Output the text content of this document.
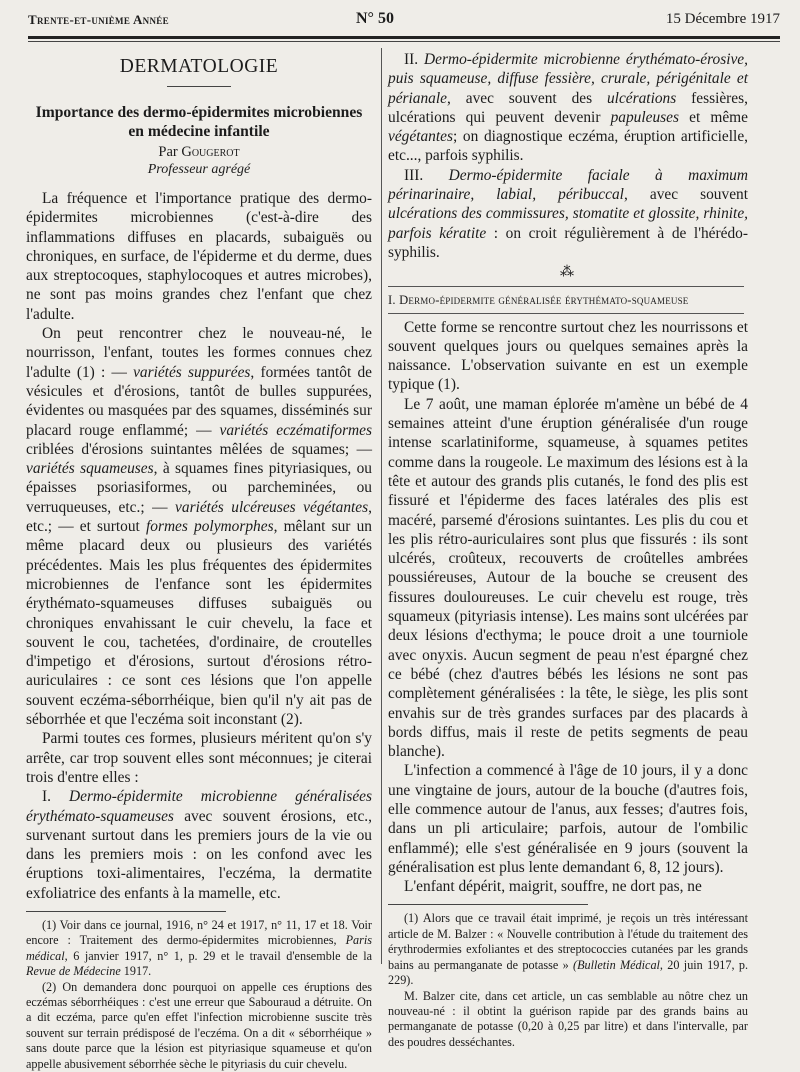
Trente-et-unième Année	N° 50	15 Décembre 1917
DERMATOLOGIE
Importance des dermo-épidermites microbiennes en médecine infantile
Par Gougerot
Professeur agrégé

La fréquence et l'importance pratique des dermo-épidermites microbiennes (c'est-à-dire des inflammations diffuses en placards, subaiguës ou chroniques, en surface, de l'épiderme et du derme, dues aux streptocoques, staphylocoques et autres microbes), ne sont pas moins grandes chez l'enfant que chez l'adulte.

On peut rencontrer chez le nouveau-né, le nourrisson, l'enfant, toutes les formes connues chez l'adulte (1) : — variétés suppurées, formées tantôt de vésicules et d'érosions, tantôt de bulles suppurées, évidentes ou masquées par des squames, disséminés sur placard rouge enflammé; — variétés eczématiformes criblées d'érosions suintantes mêlées de squames; — variétés squameuses, à squames fines pityriasiques, ou épaisses psoriasiformes, ou parcheminées, ou verruqueuses, etc.; — variétés ulcéreuses végétantes, etc.; — et surtout formes polymorphes, mêlant sur un même placard deux ou plusieurs des variétés précédentes. Mais les plus fréquentes des épidermites microbiennes de l'enfance sont les épidermites érythémato-squameuses diffuses subaiguës ou chroniques envahissant le cuir chevelu, la face et souvent le cou, tachetées, d'ordinaire, de croutelles d'impetigo et d'érosions, surtout d'érosions rétro-auriculaires : ce sont ces lésions que l'on appelle souvent eczéma-séborrhéique, bien qu'il n'y ait pas de séborrhée et que l'eczéma soit inconstant (2).

Parmi toutes ces formes, plusieurs méritent qu'on s'y arrête, car trop souvent elles sont méconnues; je citerai trois d'entre elles :

I. Dermo-épidermite microbienne généralisées érythémato-squameuses avec souvent érosions, etc., survenant surtout dans les premiers jours de la vie ou dans les premiers mois : on les confond avec les éruptions toxi-alimentaires, l'eczéma, la dermatite exfoliatrice des enfants à la mamelle, etc.

(1) Voir dans ce journal, 1916, n° 24 et 1917, n° 11, 17 et 18. Voir encore : Traitement des dermo-épidermites microbiennes, Paris médical, 6 janvier 1917, n° 1, p. 29 et le travail d'ensemble de la Revue de Médecine 1917.

(2) On demandera donc pourquoi on appelle ces éruptions des eczémas séborrhéiques : c'est une erreur que Sabouraud a détruite. On a dit eczéma, parce qu'en effet l'infection microbienne suscite très souvent sur terrain prédisposé de l'eczéma. On a dit « séborrhéique » sans doute parce que la lésion est pityriasique squameuse et qu'on appelle abusivement séborrhée sèche le pityriasis du cuir chevelu.

II. Dermo-épidermite microbienne érythémato-érosive, puis squameuse, diffuse fessière, crurale, périgénitale et périanale, avec souvent des ulcérations fessières, ulcérations qui peuvent devenir papuleuses et même végétantes; on diagnostique eczéma, éruption artificielle, etc..., parfois syphilis.

III. Dermo-épidermite faciale à maximum périnarinaire, labial, péribuccal, avec souvent ulcérations des commissures, stomatite et glossite, rhinite, parfois kératite : on croit régulièrement à de l'hérédo-syphilis.

⁂

I. Dermo-épidermite généralisée érythémato-squameuse

Cette forme se rencontre surtout chez les nourrissons et souvent quelques jours ou quelques semaines après la naissance. L'observation suivante en est un exemple typique (1).

Le 7 août, une maman éplorée m'amène un bébé de 4 semaines atteint d'une éruption généralisée d'un rouge intense scarlatiniforme, squameuse, à squames petites comme dans la rougeole. Le maximum des lésions est à la tête et autour des grands plis cutanés, le fond des plis est fissuré et l'épiderme des faces latérales des plis est macéré, parsemé d'érosions suintantes. Les plis du cou et les plis rétro-auriculaires sont plus que fissurés : ils sont ulcérés, croûteux, recouverts de croûtelles ambrées poussiéreuses, Autour de la bouche se creusent des fissures douloureuses. Le cuir chevelu est rouge, très squameux (pityriasis intense). Les mains sont ulcérées par deux lésions d'ecthyma; le pouce droit a une tourniole avec onyxis. Aucun segment de peau n'est épargné chez ce bébé (chez d'autres bébés les lésions ne sont pas complètement généralisées : la tête, le siège, les plis sont envahis sur de très grandes surfaces par des placards à bords diffus, mais il reste de petits segments de peau blanche).

L'infection a commencé à l'âge de 10 jours, il y a donc une vingtaine de jours, autour de la bouche (d'autres fois, elle commence autour de l'anus, aux fesses; d'autres fois, dans un pli articulaire; parfois, autour de l'ombilic enflammé); elle s'est généralisée en 9 jours (souvent la généralisation est plus lente demandant 6, 8, 12 jours).

L'enfant dépérit, maigrit, souffre, ne dort pas, ne

(1) Alors que ce travail était imprimé, je reçois un très intéressant article de M. Balzer : « Nouvelle contribution à l'étude du traitement des érythrodermies exfoliantes et des streptococcies cutanées par les grands bains au permanganate de potasse » (Bulletin Médical, 20 juin 1917, p. 229).

M. Balzer cite, dans cet article, un cas semblable au nôtre chez un nouveau-né : il obtint la guérison rapide par des grands bains au permanganate de potasse (0,20 à 0,25 par litre) et dans l'intervalle, par des poudres desséchantes.
